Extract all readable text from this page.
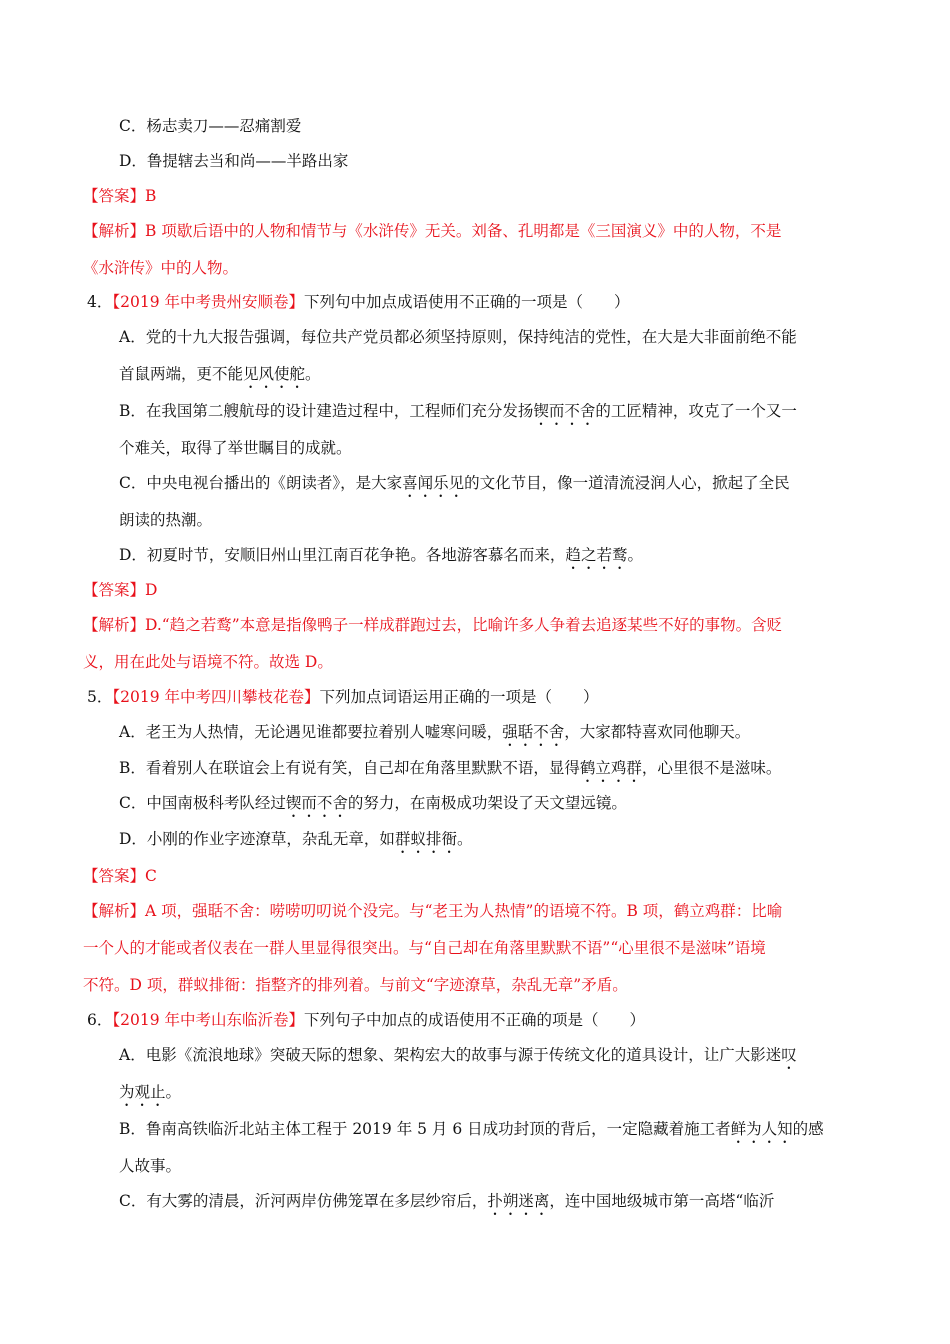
C．杨志卖刀——忍痛割爱
D．鲁提辖去当和尚——半路出家
【答案】B
【解析】B 项歇后语中的人物和情节与《水浒传》无关。刘备、孔明都是《三国演义》中的人物，不是
《水浒传》中的人物。
4．【2019 年中考贵州安顺卷】下列句中加点成语使用不正确的一项是（　　）
A．党的十九大报告强调，每位共产党员都必须坚持原则，保持纯洁的党性，在大是大非面前绝不能
首鼠两端，更不能见风使舵。
B．在我国第二艘航母的设计建造过程中，工程师们充分发扬锲而不舍的工匠精神，攻克了一个又一
个难关，取得了举世瞩目的成就。
C．中央电视台播出的《朗读者》，是大家喜闻乐见的文化节目，像一道清流浸润人心，掀起了全民
朗读的热潮。
D．初夏时节，安顺旧州山里江南百花争艳。各地游客慕名而来，趋之若鹜。
【答案】D
【解析】D.“趋之若鹜”本意是指像鸭子一样成群跑过去，比喻许多人争着去追逐某些不好的事物。含贬
义，用在此处与语境不符。故选 D。
5．【2019 年中考四川攀枝花卷】下列加点词语运用正确的一项是（　　）
A．老王为人热情，无论遇见谁都要拉着别人嘘寒问暖，强聒不舍，大家都特喜欢同他聊天。
B．看着别人在联谊会上有说有笑，自己却在角落里默默不语，显得鹤立鸡群，心里很不是滋味。
C．中国南极科考队经过锲而不舍的努力，在南极成功架设了天文望远镜。
D．小刚的作业字迹潦草，杂乱无章，如群蚁排衙。
【答案】C
【解析】A 项，强聒不舍：唠唠叨叨说个没完。与“老王为人热情”的语境不符。B 项，鹤立鸡群：比喻
一个人的才能或者仪表在一群人里显得很突出。与“自己却在角落里默默不语”“心里很不是滋味”语境
不符。D 项，群蚁排衙：指整齐的排列着。与前文“字迹潦草，杂乱无章”矛盾。
6．【2019 年中考山东临沂卷】下列句子中加点的成语使用不正确的项是（　　）
A．电影《流浪地球》突破天际的想象、架构宏大的故事与源于传统文化的道具设计，让广大影迷叹
为观止。
B．鲁南高铁临沂北站主体工程于 2019 年 5 月 6 日成功封顶的背后，一定隐藏着施工者鲜为人知的感
人故事。
C．有大雾的清晨，沂河两岸仿佛笼罩在多层纱帘后，扑朔迷离，连中国地级城市第一高塔“临沂
